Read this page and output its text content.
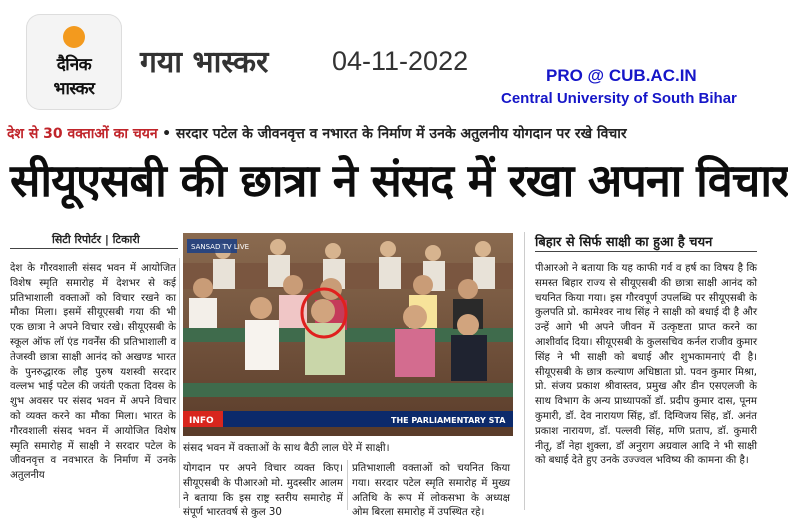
दैनिक
भास्कर
गया भास्कर 04-11-2022	PRO @ CUB.AC.IN
Central University of South Bihar
देश से 30 वक्ताओं का चयन • सरदार पटेल के जीवनवृत्त व नभारत के निर्माण में उनके अतुलनीय योगदान पर रखे विचार
सीयूएसबी की छात्रा ने संसद में रखा अपना विचार
सिटी रिपोर्टर | टिकारी
देश के गौरवशाली संसद भवन में आयोजित विशेष स्मृति समारोह में देशभर से कई प्रतिभाशाली वक्ताओं को विचार रखने का मौका मिला। इसमें सीयूएसबी गया की भी एक छात्रा ने अपने विचार रखे। सीयूएसबी के स्कूल ऑफ लॉ एंड गवर्नेंस की प्रतिभाशाली व तेजस्वी छात्रा साक्षी आनंद को अखण्ड भारत के पुनरुद्धारक लौह पुरुष यशस्वी सरदार वल्लभ भाई पटेल की जयंती एकता दिवस के शुभ अवसर पर संसद भवन में अपने विचार को व्यक्त करने का मौका मिला। भारत के गौरवशाली संसद भवन में आयोजित विशेष स्मृति समारोह में साक्षी ने सरदार पटेल के जीवनवृत्त व नवभारत के निर्माण में उनके अतुलनीय
SANSAD TV LIVE
INFO	THE PARLIAMENTARY STA
संसद भवन में वक्ताओं के साथ बैठी लाल घेरे में साक्षी।
योगदान पर अपने विचार व्यक्त किए। सीयूएसबी के पीआरओ मो. मुदस्सीर आलम ने बताया कि इस राष्ट्र स्तरीय समारोह में संपूर्ण भारतवर्ष से कुल 30
प्रतिभाशाली वक्ताओं को चयनित किया गया। सरदार पटेल स्मृति समारोह में मुख्य अतिथि के रूप में लोकसभा के अध्यक्ष ओम बिरला समारोह में उपस्थित रहे।
बिहार से सिर्फ साक्षी का हुआ है चयन
पीआरओ ने बताया कि यह काफी गर्व व हर्ष का विषय है कि समस्त बिहार राज्य से सीयूएसबी की छात्रा साक्षी आनंद को चयनित किया गया। इस गौरवपूर्ण उपलब्धि पर सीयूएसबी के कुलपति प्रो. कामेश्वर नाथ सिंह ने साक्षी को बधाई दी है और उन्हें आगे भी अपने जीवन में उत्कृष्टता प्राप्त करने का आशीर्वाद दिया। सीयूएसबी के कुलसचिव कर्नल राजीव कुमार सिंह ने भी साक्षी को बधाई और शुभकामनाएं दी है। सीयूएसबी के छात्र कल्याण अधिष्ठाता प्रो. पवन कुमार मिश्रा, प्रो. संजय प्रकाश श्रीवास्तव, प्रमुख और डीन एसएलजी के साथ विभाग के अन्य प्राध्यापकों डॉ. प्रदीप कुमार दास, पूनम कुमारी, डॉ. देव नारायण सिंह, डॉ. दिग्विजय सिंह, डॉ. अनंत प्रकाश नारायण, डॉ. पल्लवी सिंह, मणि प्रताप, डॉ. कुमारी नीतू, डॉ नेहा शुक्ला, डॉ अनुराग अग्रवाल आदि ने भी साक्षी को बधाई देते हुए उनके उज्ज्वल भविष्य की कामना की है।
